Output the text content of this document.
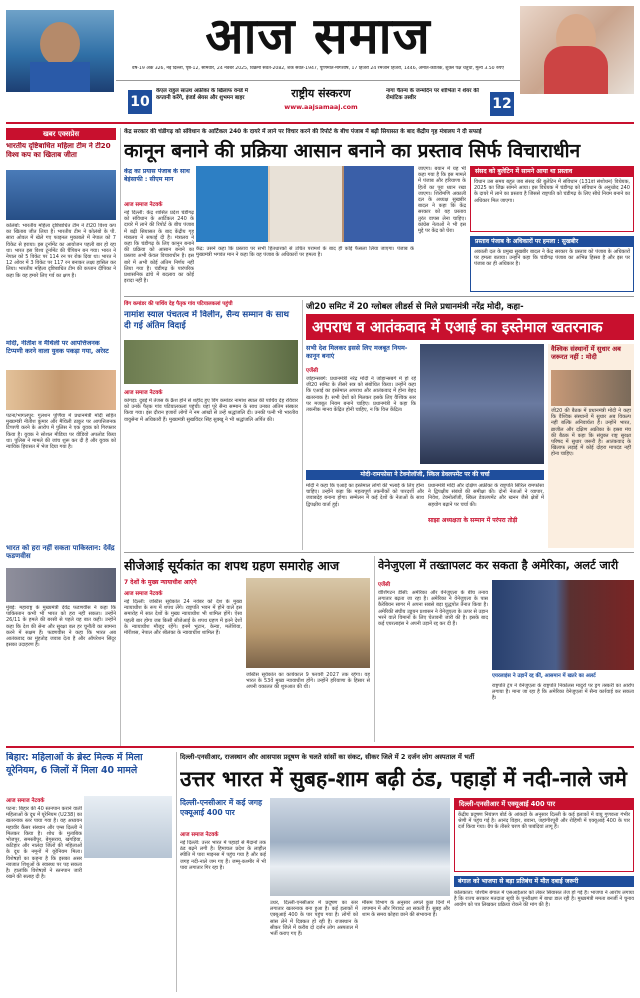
आज समाज
वर्ष-19 अंक 326, नई दिल्ली, पृष्ठ-12, सोमवार, 24 नवंबर 2025, विक्रमी संवत-2082, शक संवत-1947, पूर्णिमांत-मार्गशीर्ष, 17 हिजरी 24 रमजान हिजरी, 1446, अमांत-कार्तिक, शुक्ल पक्ष चतुर्थी, मूल्य 3.50 रुपए
10
केएल राहुल साउथ अफ्रीका के खिलाफ वनडे में कप्तानी करेंगे, इंजर्ड श्रेयस और शुभमन बाहर	राष्ट्रीय संस्करण
www.aajsamaaj.com
नागा चैतन्य के जन्मदिन पर शोभिता ने शेयर की रोमांटिक तस्वीर	12
खबर एक्सप्रेस
भारतीय दृष्टिबाधित महिला टीम ने टी20 विश्व कप का खिताब जीता
कोलंबो: भारतीय महिला दृष्टिबाधित टीम ने टी20 विश्व कप का खिताब जीत लिया है। भारतीय टीम ने कोलंबो के पी. सारा ओवल में खेले गए फाइनल मुकाबले में नेपाल को 7 विकेट से हराया। इस टूर्नामेंट का आयोजन पहली बार हो रहा था। भारत इस विश्व टूर्नामेंट की चैंपियन बन गया। भारत ने नेपाल को 5 विकेट पर 114 रन पर रोक दिया था। भारत ने 12 ओवर में 3 विकेट पर 117 रन बनाकर लक्ष्य हासिल कर लिया। भारतीय महिला दृष्टिबाधित टीम की कप्तान दीपिका ने कहा कि यह हमारे लिए गर्व का क्षण है।
मोदी, नीतीश व मैथिली पर आपत्तिजनक टिप्पणी करने वाला युवक पकड़ा गया, अरेस्ट
पटना/भागलपुर: गुलशन पूर्णिया में प्रधानमंत्री मोदी सहित मुख्यमंत्री नीतीश कुमार और मैथिली ठाकुर पर आपत्तिजनक टिप्पणी करने के आरोप में पुलिस ने एक युवक को गिरफ्तार किया है। युवक ने सोशल मीडिया पर वीडियो अपलोड किया था। पुलिस ने मामले की जांच शुरू कर दी है और युवक को न्यायिक हिरासत में भेज दिया गया है।
भारत को हरा नहीं सकता पाकिस्तान: देवेंद्र फडणवीस
मुंबई: महाराष्ट्र के मुख्यमंत्री देवेंद्र फडणवीस ने कहा कि पाकिस्तान कभी भी भारत को हरा नहीं सकता। उन्होंने 26/11 के हमले की बरसी से पहले यह बात कही। उन्होंने कहा कि देश की सेना और सुरक्षा बल हर चुनौती का सामना करने में सक्षम हैं। फडणवीस ने कहा कि भारत अब आतंकवाद का मुंहतोड़ जवाब देता है और ऑपरेशन सिंदूर इसका उदाहरण है।
केंद्र सरकार की चंडीगढ़ को संविधान के आर्टिकल 240 के दायरे में लाने पर विचार करने की रिपोर्ट के बीच पंजाब में बढ़ी सियासत के बाद केंद्रीय गृह मंत्रालय ने दी सफाई
कानून बनाने की प्रक्रिया आसान बनाने का प्रस्ताव सिर्फ विचाराधीन
केंद्र का प्रयास पंजाब के साथ बेइंसाफी : सीएम मान
आज समाज नेटवर्क
नई दिल्ली: केंद्र शासित प्रदेश चंडीगढ़ को संविधान के आर्टिकल 240 के दायरे में लाने की रिपोर्ट के बीच पंजाब में बढ़ी सियासत के बाद केंद्रीय गृह मंत्रालय ने सफाई दी है। मंत्रालय ने कहा कि चंडीगढ़ के लिए कानून बनाने की प्रक्रिया को आसान बनाने का प्रस्ताव अभी केवल विचाराधीन है। इस बारे में अभी कोई अंतिम निर्णय नहीं लिया गया है। चंडीगढ़ के पारंपरिक प्रशासनिक ढांचे में बदलाव का कोई इरादा नहीं है।
केंद्र: उसने कहा कि प्रस्ताव पर सभी हितधारकों से उचित परामर्श के बाद ही कोई फैसला लिया जाएगा। पंजाब के मुख्यमंत्री भगवंत मान ने कहा कि यह पंजाब के अधिकारों पर हमला है।
जाएगा। बयान में यह भी कहा गया है कि इस मामले में पंजाब और हरियाणा के हितों का पूरा ध्यान रखा जाएगा। शिरोमणि अकाली दल के अध्यक्ष सुखबीर बादल ने कहा कि केंद्र सरकार को यह प्रस्ताव तुरंत वापस लेना चाहिए। कांग्रेस नेताओं ने भी इस मुद्दे पर केंद्र को घेरा।
संसद को बुलेटिन में सामने आया था प्रस्ताव
विधान उस समय बहुत जब संसद की बुलेटिन में संविधान (131वां संशोधन) विधेयक, 2025 का जिक्र सामने आया। इस विधेयक में चंडीगढ़ को संविधान के अनुच्छेद 240 के दायरे में लाने का प्रस्ताव है जिससे राष्ट्रपति को चंडीगढ़ के लिए सीधे नियम बनाने का अधिकार मिल जाएगा।
प्रस्ताव पंजाब के अधिकारों पर हमला : सुखबीर
अकाली दल के प्रमुख सुखबीर बादल ने केंद्र सरकार के प्रस्ताव को पंजाब के अधिकारों पर हमला बताया। उन्होंने कहा कि चंडीगढ़ पंजाब का अभिन्न हिस्सा है और इस पर पंजाब का ही अधिकार है।
विंग कमांडर की पार्थिव देह पैतृक गांव पटियालकलां पहुंची
नामांश स्याल पंचतत्व में विलीन, सैन्य सम्मान के साथ दी गई अंतिम विदाई
आज समाज नेटवर्क
कांगड़ा: दुबई में तेजस के क्रैश होने से शहीद हुए विंग कमांडर नामांश स्याल की पार्थिव देह रविवार को उनके पैतृक गांव पटियालकलां पहुंची। यहां पूरे सैन्य सम्मान के साथ उनका अंतिम संस्कार किया गया। इस दौरान हजारों लोगों ने नम आंखों से उन्हें श्रद्धांजलि दी। उनकी पत्नी भी भारतीय वायुसेना में अधिकारी हैं। मुख्यमंत्री सुखविंदर सिंह सुक्खू ने भी श्रद्धांजलि अर्पित की।
जी20 समिट में 20 ग्लोबल लीडर्स से मिले प्रधानमंत्री नरेंद्र मोदी, कहा-
अपराध व आतंकवाद में एआई का इस्तेमाल खतरनाक
सभी देश मिलकर इससे लिए मजबूत नियम-कानून बनाएं
एजेंसी
जोहान्सबर्ग: प्रधानमंत्री नरेंद्र मोदी ने जोहान्सबर्ग में हो रहे जी20 समिट के तीसरे सत्र को संबोधित किया। उन्होंने कहा कि एआई का इस्तेमाल अपराध और आतंकवाद में होना बेहद खतरनाक है। सभी देशों को मिलकर इसके लिए वैश्विक स्तर पर मजबूत नियम बनाने चाहिए। प्रधानमंत्री ने कहा कि तकनीक मानव केंद्रित होनी चाहिए, न कि वित्त केंद्रित।
मोदी-रामफोसा ने टेक्नोलॉजी, स्किल डेवलपमेंट पर की चर्चा
मोदी ने कहा कि एआई का इस्तेमाल लोगों की भलाई के लिए होना चाहिए। उन्होंने कहा कि महत्वपूर्ण तकनीकों को पारदर्शी और जवाबदेह बनाना होगा। सम्मेलन में कई देशों के नेताओं के साथ द्विपक्षीय वार्ता हुई।
प्रधानमंत्री मोदी और दक्षिण अफ्रीका के राष्ट्रपति सिरिल रामफोसा ने द्विपक्षीय संबंधों की समीक्षा की। दोनों नेताओं ने व्यापार, निवेश, टेक्नोलॉजी, स्किल डेवलपमेंट और खनन जैसे क्षेत्रों में सहयोग बढ़ाने पर चर्चा की।
साझा अध्यक्षता के सम्मान में परंपरा तोड़ी
वैश्विक संस्थानों में सुधार अब जरूरत नहीं : मोदी
जी20 की बैठक में प्रधानमंत्री मोदी ने कहा कि वैश्विक संस्थानों में सुधार अब विकल्प नहीं बल्कि अनिवार्यता है। उन्होंने भारत, ब्राजील और दक्षिण अफ्रीका के इब्सा मंच की बैठक में कहा कि संयुक्त राष्ट्र सुरक्षा परिषद में सुधार जरूरी है। आतंकवाद के खिलाफ लड़ाई में कोई दोहरा मापदंड नहीं होना चाहिए।
सीजेआई सूर्यकांत का शपथ ग्रहण समारोह आज
7 देशों के मुख्य न्यायाधीश आएंगे
आज समाज नेटवर्क
नई दिल्ली: जस्टिस सूर्यकांत 24 नवंबर को देश के मुख्य न्यायाधीश के रूप में शपथ लेंगे। राष्ट्रपति भवन में होने वाले इस समारोह में सात देशों के मुख्य न्यायाधीश भी शामिल होंगे। ऐसा पहली बार होगा जब किसी सीजेआई के शपथ ग्रहण में इतने देशों के न्यायाधीश मौजूद रहेंगे। इनमें भूटान, केन्या, मलेशिया, मॉरीशस, नेपाल और श्रीलंका के न्यायाधीश शामिल हैं।
जस्टिस सूर्यकांत का कार्यकाल 9 फरवरी 2027 तक रहेगा। वह भारत के 53वें मुख्य न्यायाधीश होंगे। उन्होंने हरियाणा के हिसार से अपनी वकालत की शुरुआत की थी।
वेनेजुएला में तख्तापलट कर सकता है अमेरिका, अलर्ट जारी
एजेंसी
वॉशिंगटन डीसी: अमेरिका और वेनेजुएला के बीच तनाव लगातार बढ़ता जा रहा है। अमेरिका ने वेनेजुएला के पास कैरेबियन सागर में अपना सबसे बड़ा युद्धपोत तैनात किया है। अमेरिकी संघीय उड्डयन प्रशासन ने वेनेजुएला के ऊपर से उड़ान भरने वाले विमानों के लिए चेतावनी जारी की है। इसके बाद कई एयरलाइंस ने अपनी उड़ानें रद्द कर दी हैं।
एयरलाइंस ने उड़ानें रद्द कीं, आसमान में खतरे का अलर्ट
राष्ट्रपति ट्रंप ने वेनेजुएला के राष्ट्रपति निकोलस मादुरो पर ड्रग तस्करी का आरोप लगाया है। माना जा रहा है कि अमेरिका वेनेजुएला में सैन्य कार्रवाई कर सकता है।
बिहार: महिलाओं के ब्रेस्ट मिल्क में मिला यूरेनियम, 6 जिलों में मिला 40 मामले
आज समाज नेटवर्क
पटना: बिहार की 40 स्तनपान कराने वाली महिलाओं के दूध में यूरेनियम (U238) का खतरनाक स्तर पाया गया है। यह अध्ययन महावीर कैंसर संस्थान और एम्स दिल्ली ने मिलकर किया है। शोध के मुताबिक भोजपुर, समस्तीपुर, बेगूसराय, खगड़िया, कटिहार और नालंदा जिलों की महिलाओं के दूध के नमूनों में यूरेनियम मिला। विशेषज्ञों का कहना है कि इसका असर नवजात शिशुओं के स्वास्थ्य पर पड़ सकता है। हालांकि विशेषज्ञों ने स्तनपान जारी रखने की सलाह दी है।
दिल्ली-एनसीआर, राजस्थान और आसपास प्रदूषण के चलते सांसों का संकट, सीकर जिले में 2 दर्जन लोग अस्पताल में भर्ती
उत्तर भारत में सुबह-शाम बढ़ी ठंड, पहाड़ों में नदी-नाले जमे
दिल्ली-एनसीआर में कई जगह एक्यूआई 400 पार
आज समाज नेटवर्क
नई दिल्ली: उत्तर भारत में पहाड़ों से मैदानों तक ठंड बढ़ने लगी है। हिमाचल प्रदेश के लाहौल स्पीति में पारा माइनस में पहुंच गया है और कई जगह नदी-नाले जम गए हैं। जम्मू-कश्मीर में भी पारा लगातार गिर रहा है।
उधर, दिल्ली-एनसीआर में प्रदूषण का स्तर लगातार खतरनाक बना हुआ है। कई इलाकों में एक्यूआई 400 के पार पहुंच गया है। लोगों को सांस लेने में दिक्कत हो रही है। राजस्थान के सीकर जिले में करीब दो दर्जन लोग अस्पताल में भर्ती कराए गए हैं।
मौसम विभाग के अनुसार अगले कुछ दिनों में तापमान में और गिरावट आ सकती है। सुबह और शाम के समय कोहरा छाने की संभावना है।
दिल्ली-एनसीआर में एक्यूआई 400 पार
केंद्रीय प्रदूषण नियंत्रण बोर्ड के आंकड़ों के अनुसार दिल्ली के कई इलाकों में वायु गुणवत्ता गंभीर श्रेणी में पहुंच गई है। आनंद विहार, बवाना, जहांगीरपुरी और रोहिणी में एक्यूआई 400 के पार दर्ज किया गया। ग्रैप के तीसरे चरण की पाबंदियां लागू हैं।
बंगाल को भाजपा से बड़ा प्रतिबंध में मौत दबाई जरूरी
कोलकाता: पश्चिम बंगाल में एसआईआर को लेकर सियासत तेज हो गई है। भाजपा ने आरोप लगाया है कि राज्य सरकार मतदाता सूची के पुनरीक्षण में बाधा डाल रही है। मुख्यमंत्री ममता बनर्जी ने चुनाव आयोग को पत्र लिखकर प्रक्रिया रोकने की मांग की है।
